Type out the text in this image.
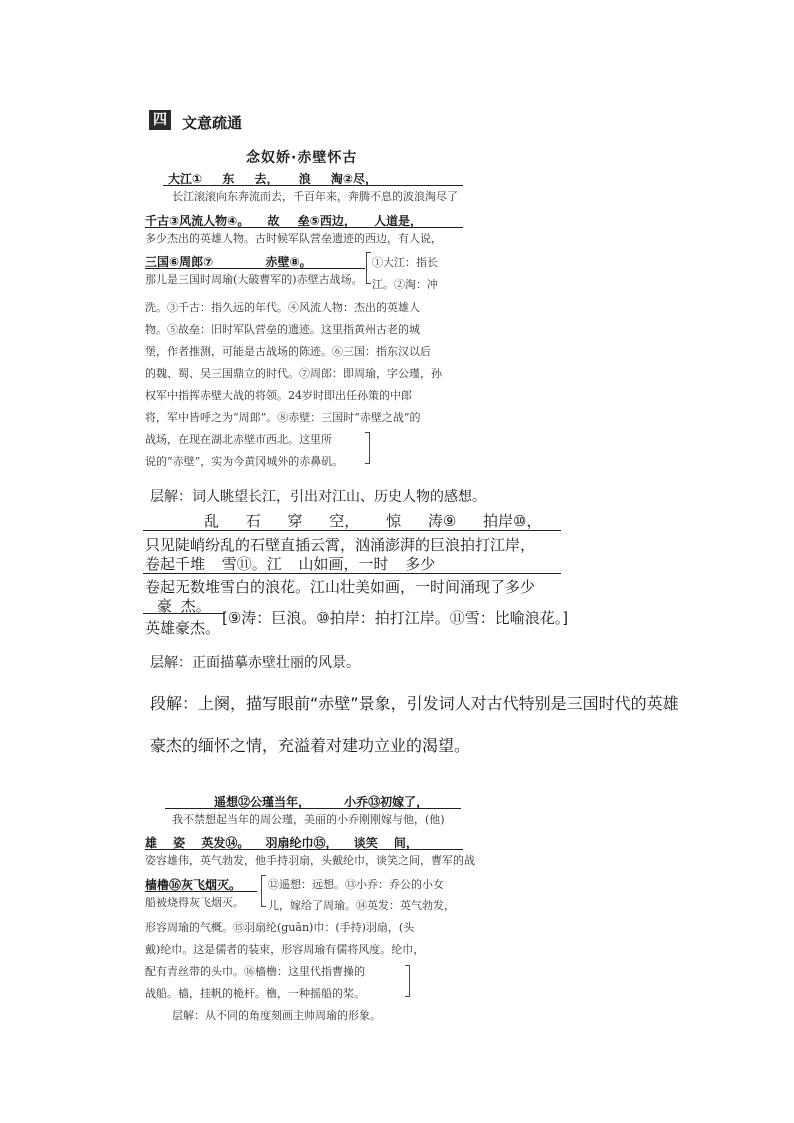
四 文意疏通
念奴娇·赤壁怀古
大江① 东 去， 浪 淘②尽，
长江滚滚向东奔流而去，千百年来，奔腾不息的波浪淘尽了
千古③风流人物④。 故 垒⑤西边， 人道是，
多少杰出的英雄人物。古时候军队营垒遗迹的西边，有人说，
三国⑥周郎⑦ 赤壁⑧。
那儿是三国时周瑜(大破曹军的)赤壁古战场。
①大江：指长
江。②淘：冲
洗。③千古：指久远的年代。④风流人物：杰出的英雄人
物。⑤故垒：旧时军队营垒的遗迹。这里指黄州古老的城
堡，作者推测，可能是古战场的陈迹。⑥三国：指东汉以后
的魏、蜀、吴三国鼎立的时代。⑦周郎：即周瑜，字公瑾，孙
权军中指挥赤壁大战的将领。24岁时即出任孙策的中郎
将，军中皆呼之为“周郎”。⑧赤壁：三国时“赤壁之战”的
战场，在现在湖北赤壁市西北。这里所
说的“赤壁”，实为今黄冈城外的赤鼻矶。
层解：词人眺望长江，引出对江山、历史人物的感想。
乱 石 穿 空， 惊 涛⑨ 拍岸⑩，
只见陡峭纷乱的石壁直插云霄，汹涌澎湃的巨浪拍打江岸，
卷起千堆 雪⑪。江 山如画，一时 多少
卷起无数堆雪白的浪花。江山壮美如画，一时间涌现了多少
豪 杰。
英雄豪杰。
[⑨涛：巨浪。⑩拍岸：拍打江岸。⑪雪：比喻浪花。]
层解：正面描摹赤壁壮丽的风景。
段解：上阕，描写眼前“赤壁”景象，引发词人对古代特别是三国时代的英雄
豪杰的缅怀之情，充溢着对建功立业的渴望。
遥想⑫公瑾当年， 小乔⑬初嫁了，
我不禁想起当年的周公瑾，美丽的小乔刚刚嫁与他，(他)
雄 姿 英发⑭。 羽扇纶巾⑮， 谈笑 间，
姿容雄伟，英气勃发，他手持羽扇，头戴纶巾，谈笑之间，曹军的战
樯橹⑯灰飞烟灭。
船被烧得灰飞烟灭。
⑫遥想：远想。⑬小乔：乔公的小女
儿，嫁给了周瑜。⑭英发：英气勃发，
形容周瑜的气概。⑮羽扇纶(guān)巾：(手持)羽扇，(头
戴)纶巾。这是儒者的装束，形容周瑜有儒将风度。纶巾，
配有青丝带的头巾。⑯樯橹：这里代指曹操的
战船。樯，挂帆的桅杆。橹，一种摇船的桨。
层解：从不同的角度刻画主帅周瑜的形象。
